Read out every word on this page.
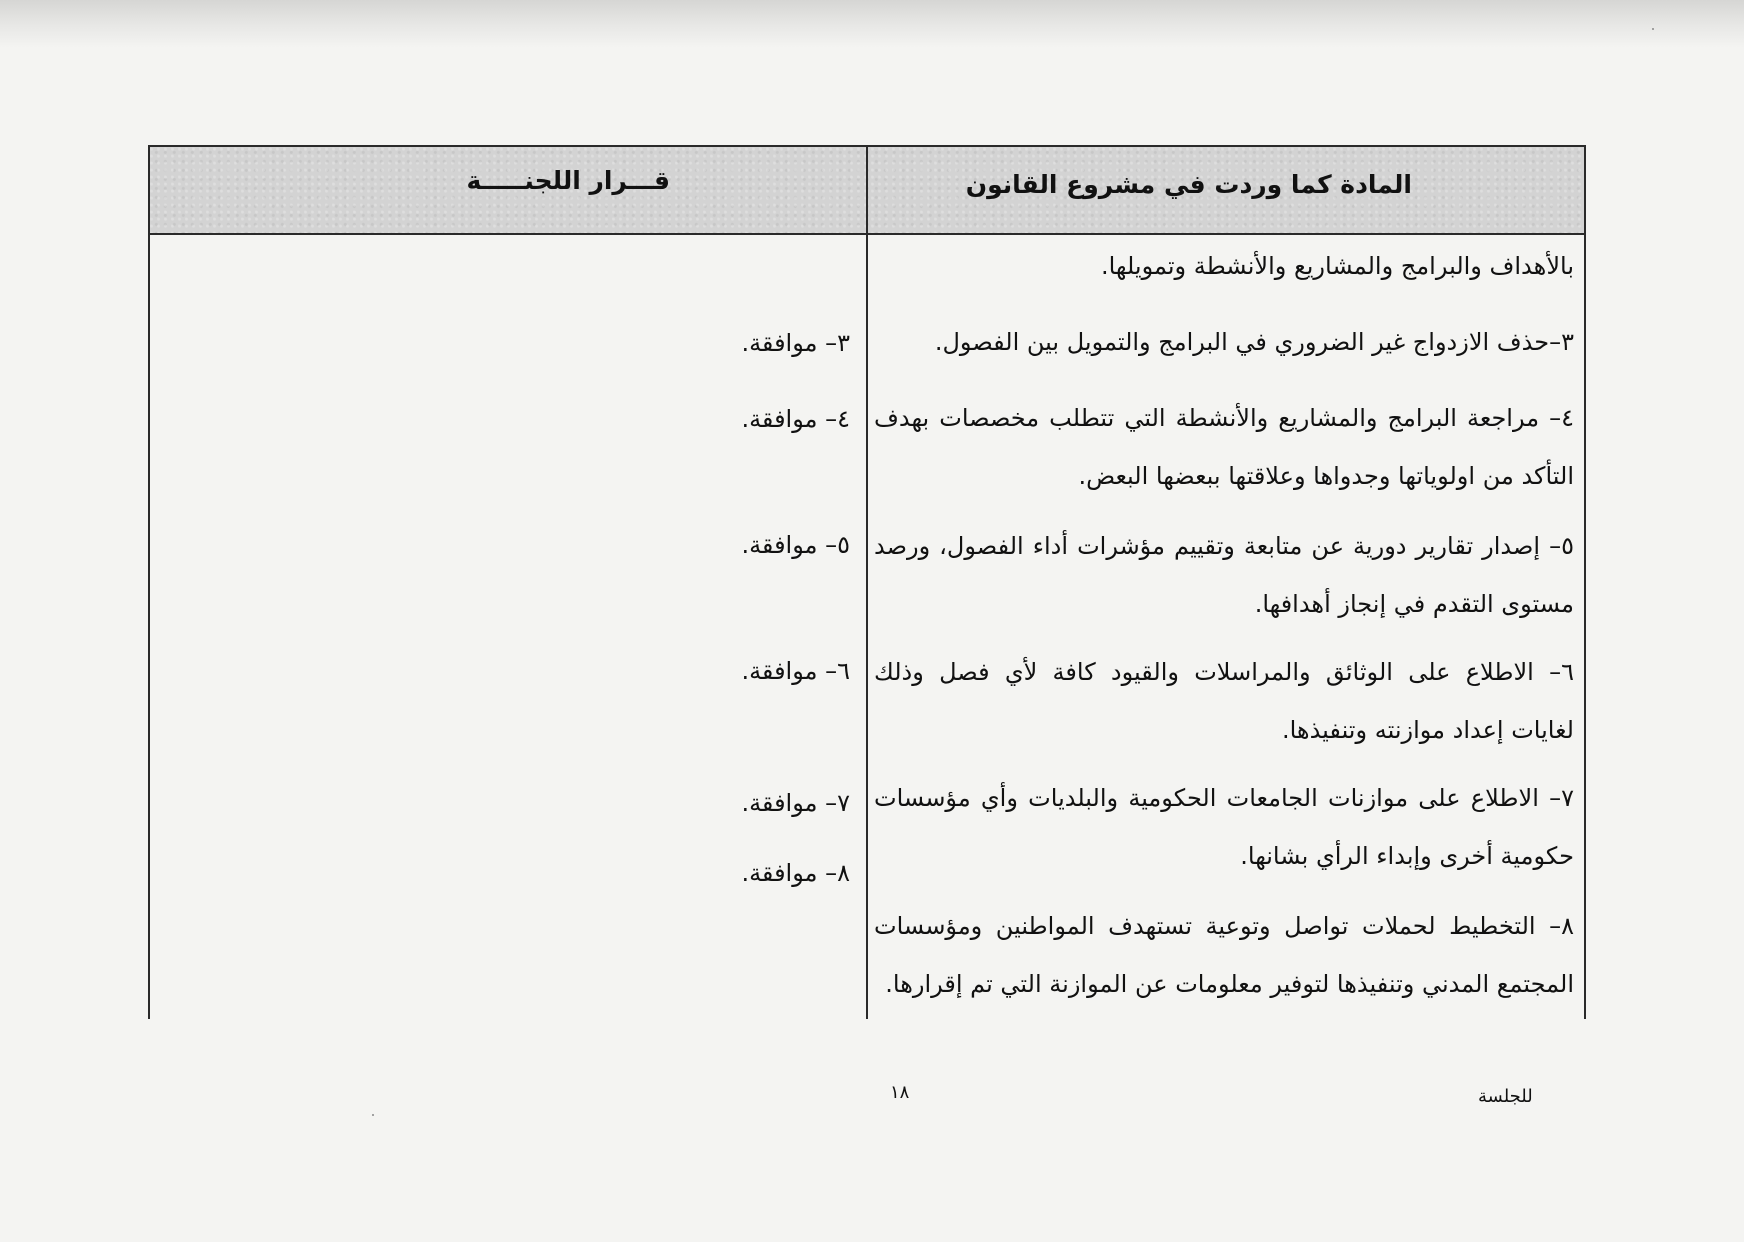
المادة كما وردت في مشروع القانون
قـــرار اللجنـــــة
بالأهداف والبرامج والمشاريع والأنشطة وتمويلها.
٣–حذف الازدواج غير الضروري في البرامج والتمويل بين الفصول.
٣– موافقة.
٤– مراجعة البرامج والمشاريع والأنشطة التي تتطلب مخصصات بهدف التأكد من اولوياتها وجدواها وعلاقتها ببعضها البعض.
٤– موافقة.
٥– إصدار تقارير دورية عن متابعة وتقييم مؤشرات أداء الفصول، ورصد مستوى التقدم في إنجاز أهدافها.
٥– موافقة.
٦– الاطلاع على الوثائق والمراسلات والقيود كافة لأي فصل وذلك لغايات إعداد موازنته وتنفيذها.
٦– موافقة.
٧– الاطلاع على موازنات الجامعات الحكومية والبلديات وأي مؤسسات حكومية أخرى وإبداء الرأي بشانها.
٧– موافقة.
٨– التخطيط لحملات تواصل وتوعية تستهدف المواطنين ومؤسسات المجتمع المدني وتنفيذها لتوفير معلومات عن الموازنة التي تم إقرارها.
٨– موافقة.
١٨	للجلسة
